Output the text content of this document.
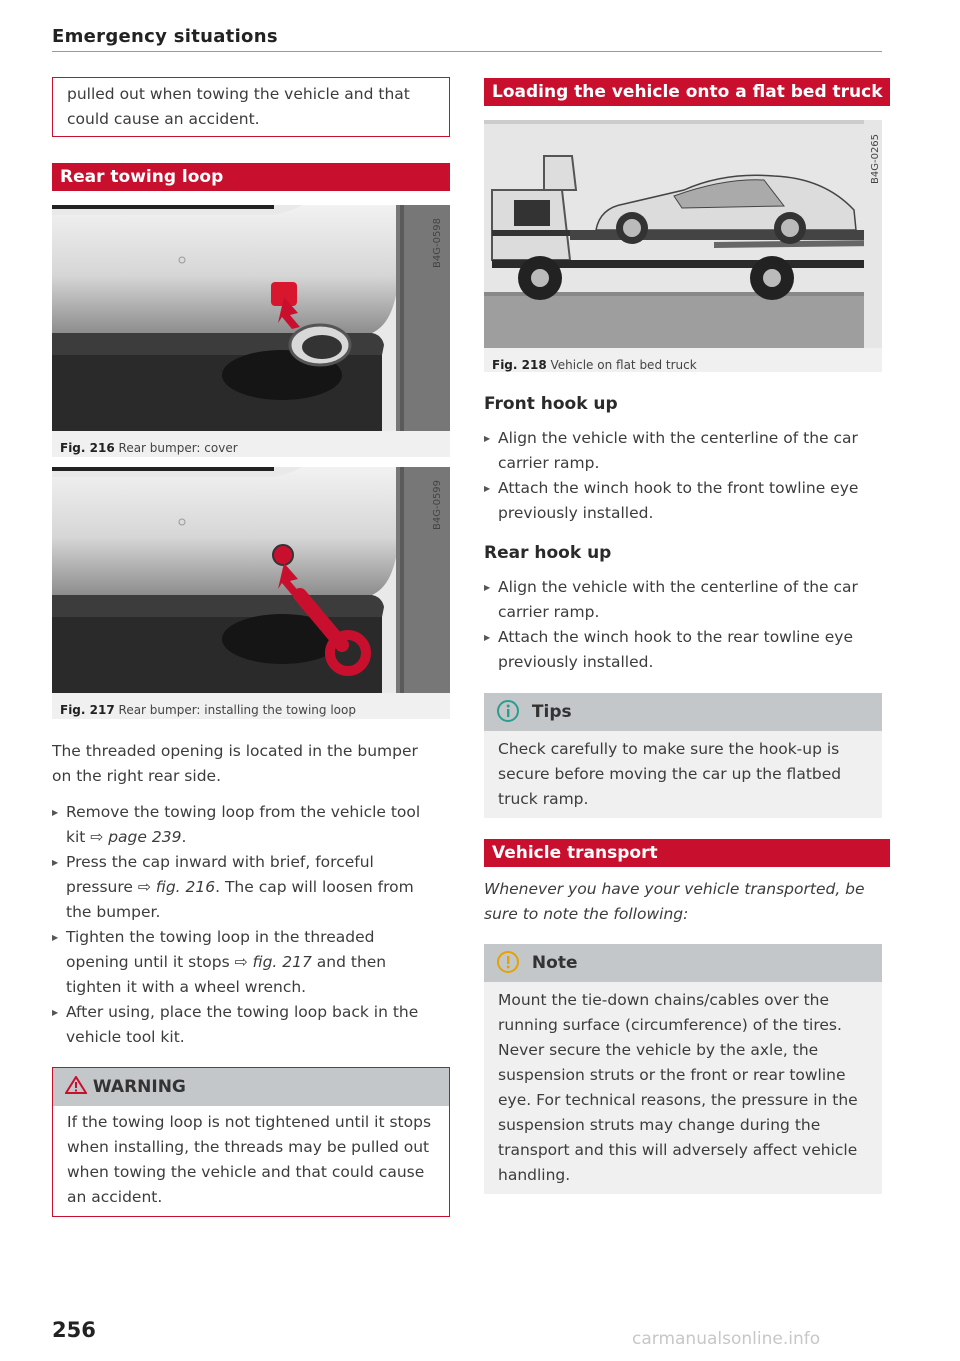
Emergency situations

pulled out when towing the vehicle and that could cause an accident.

Rear towing loop
B4G-0598
Fig. 216 Rear bumper: cover
B4G-0599
Fig. 217 Rear bumper: installing the towing loop

The threaded opening is located in the bumper on the right rear side.

▶ Remove the towing loop from the vehicle tool kit ⇨ page 239.
▶ Press the cap inward with brief, forceful pressure ⇨ fig. 216. The cap will loosen from the bumper.
▶ Tighten the towing loop in the threaded opening until it stops ⇨ fig. 217 and then tighten it with a wheel wrench.
▶ After using, place the towing loop back in the vehicle tool kit.
WARNING

If the towing loop is not tightened until it stops when installing, the threads may be pulled out when towing the vehicle and that could cause an accident.

Loading the vehicle onto a flat bed truck
B4G-0265
Fig. 218 Vehicle on flat bed truck
Front hook up
▶ Align the vehicle with the centerline of the car carrier ramp.
▶ Attach the winch hook to the front towline eye previously installed.
Rear hook up
▶ Align the vehicle with the centerline of the car carrier ramp.
▶ Attach the winch hook to the rear towline eye previously installed.
Tips

Check carefully to make sure the hook-up is secure before moving the car up the flatbed truck ramp.

Vehicle transport

Whenever you have your vehicle transported, be sure to note the following:

Note

Mount the tie-down chains/cables over the running surface (circumference) of the tires. Never secure the vehicle by the axle, the suspension struts or the front or rear towline eye. For technical reasons, the pressure in the suspension struts may change during the transport and this will adversely affect vehicle handling.

256	carmanualsonline.info
